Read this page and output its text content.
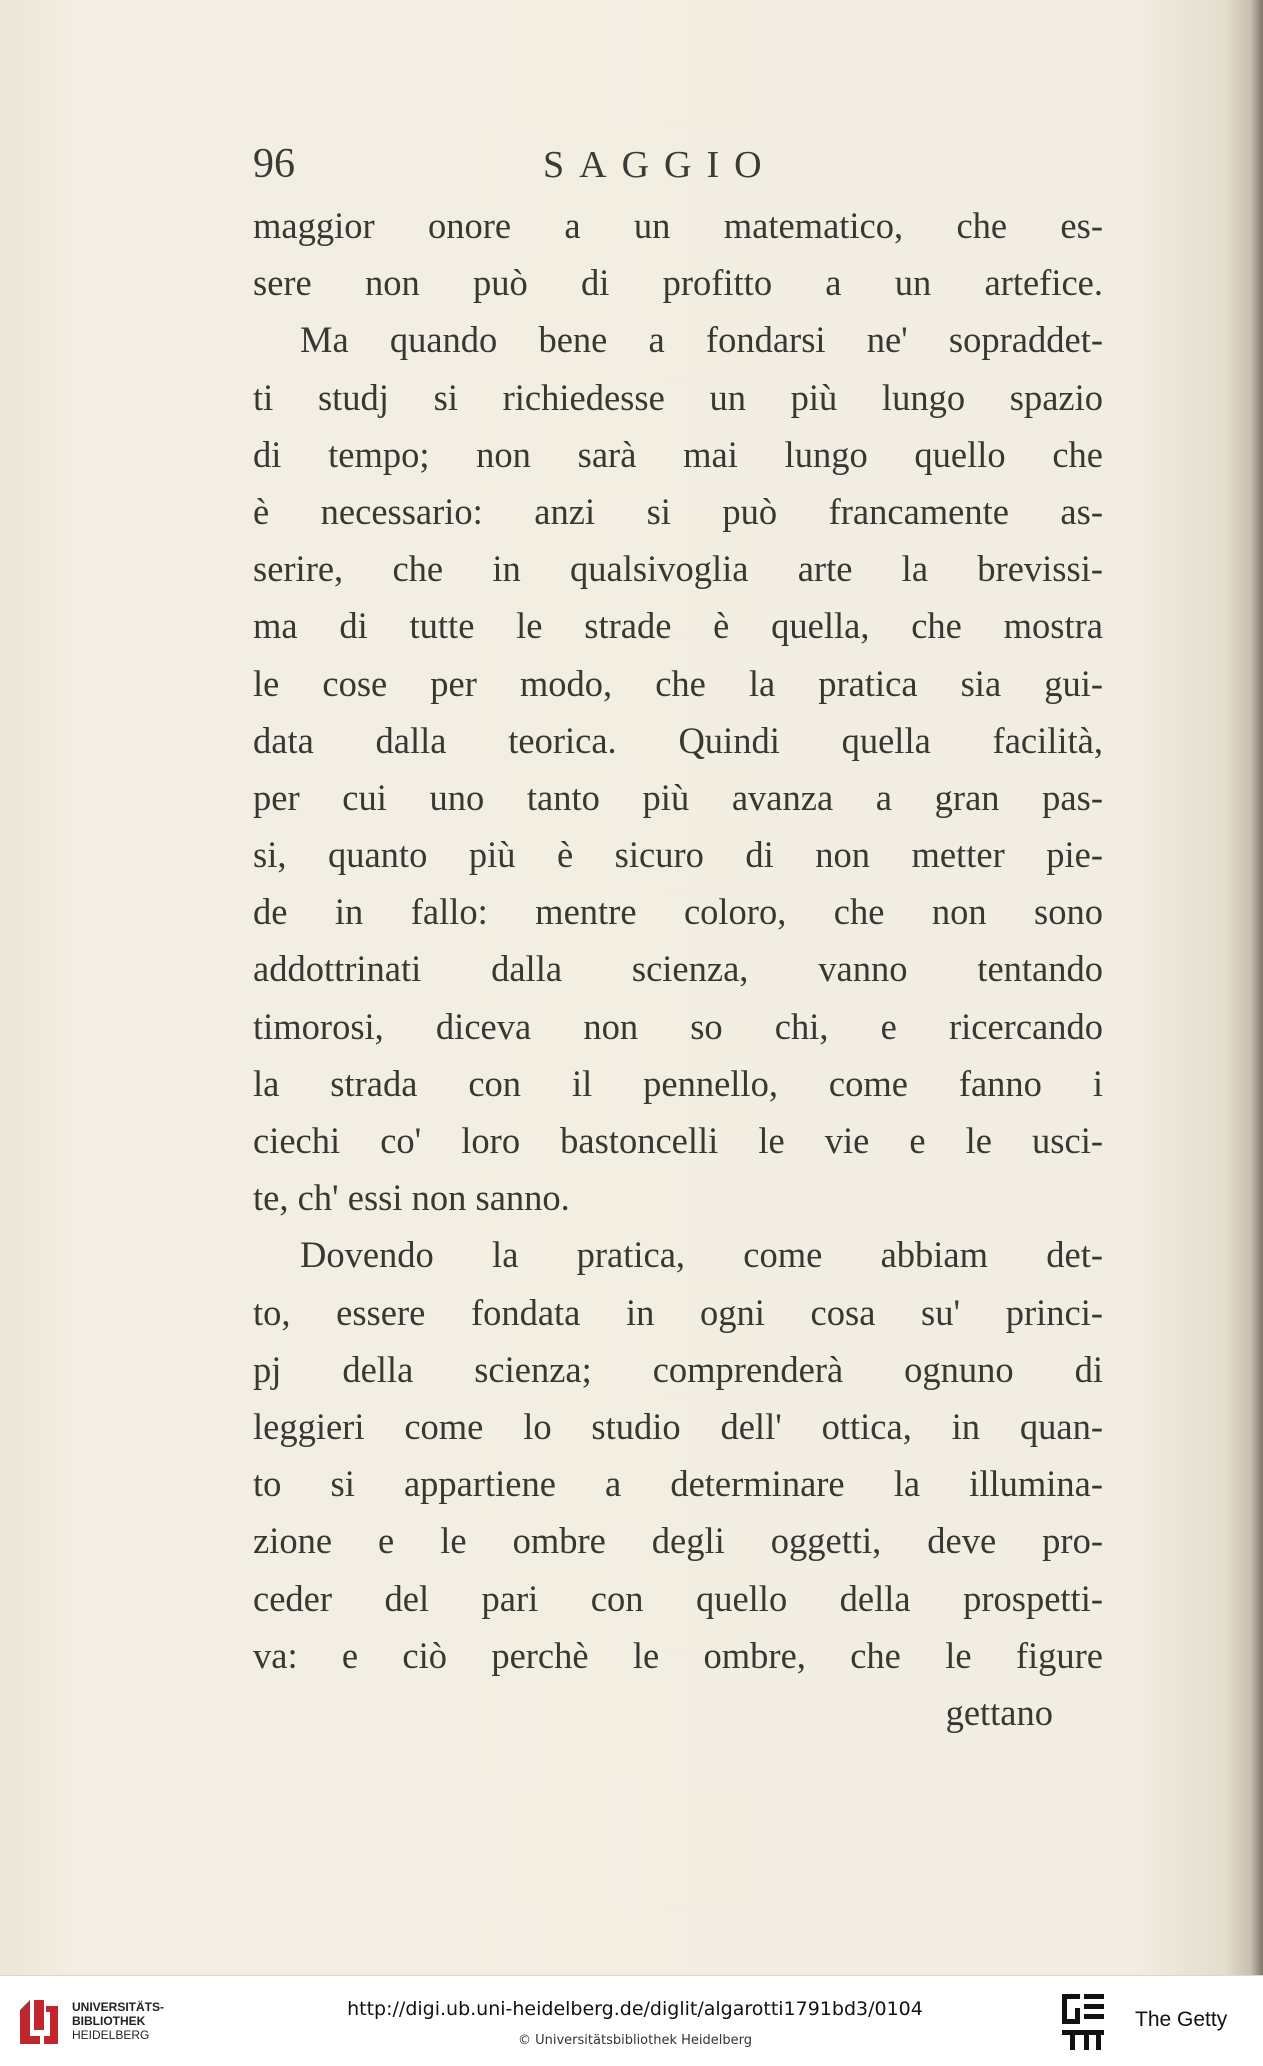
96	SAGGIO
maggior onore a un matematico, che es-
sere non può di profitto a un artefice.
Ma quando bene a fondarsi ne' sopraddet-
ti studj si richiedesse un più lungo spazio
di tempo; non sarà mai lungo quello che
è necessario: anzi si può francamente as-
serire, che in qualsivoglia arte la brevissi-
ma di tutte le strade è quella, che mostra
le cose per modo, che la pratica sia gui-
data dalla teorica. Quindi quella facilità,
per cui uno tanto più avanza a gran pas-
si, quanto più è sicuro di non metter pie-
de in fallo: mentre coloro, che non sono
addottrinati dalla scienza, vanno tentando
timorosi, diceva non so chi, e ricercando
la strada con il pennello, come fanno i
ciechi co' loro bastoncelli le vie e le usci-
te, ch' essi non sanno.
Dovendo la pratica, come abbiam det-
to, essere fondata in ogni cosa su' princi-
pj della scienza; comprenderà ognuno di
leggieri come lo studio dell' ottica, in quan-
to si appartiene a determinare la illumina-
zione e le ombre degli oggetti, deve pro-
ceder del pari con quello della prospetti-
va: e ciò perchè le ombre, che le figure
gettano
UNIVERSITÄTS-
BIBLIOTHEK
HEIDELBERG
http://digi.ub.uni-heidelberg.de/diglit/algarotti1791bd3/0104
© Universitätsbibliothek Heidelberg
The Getty
